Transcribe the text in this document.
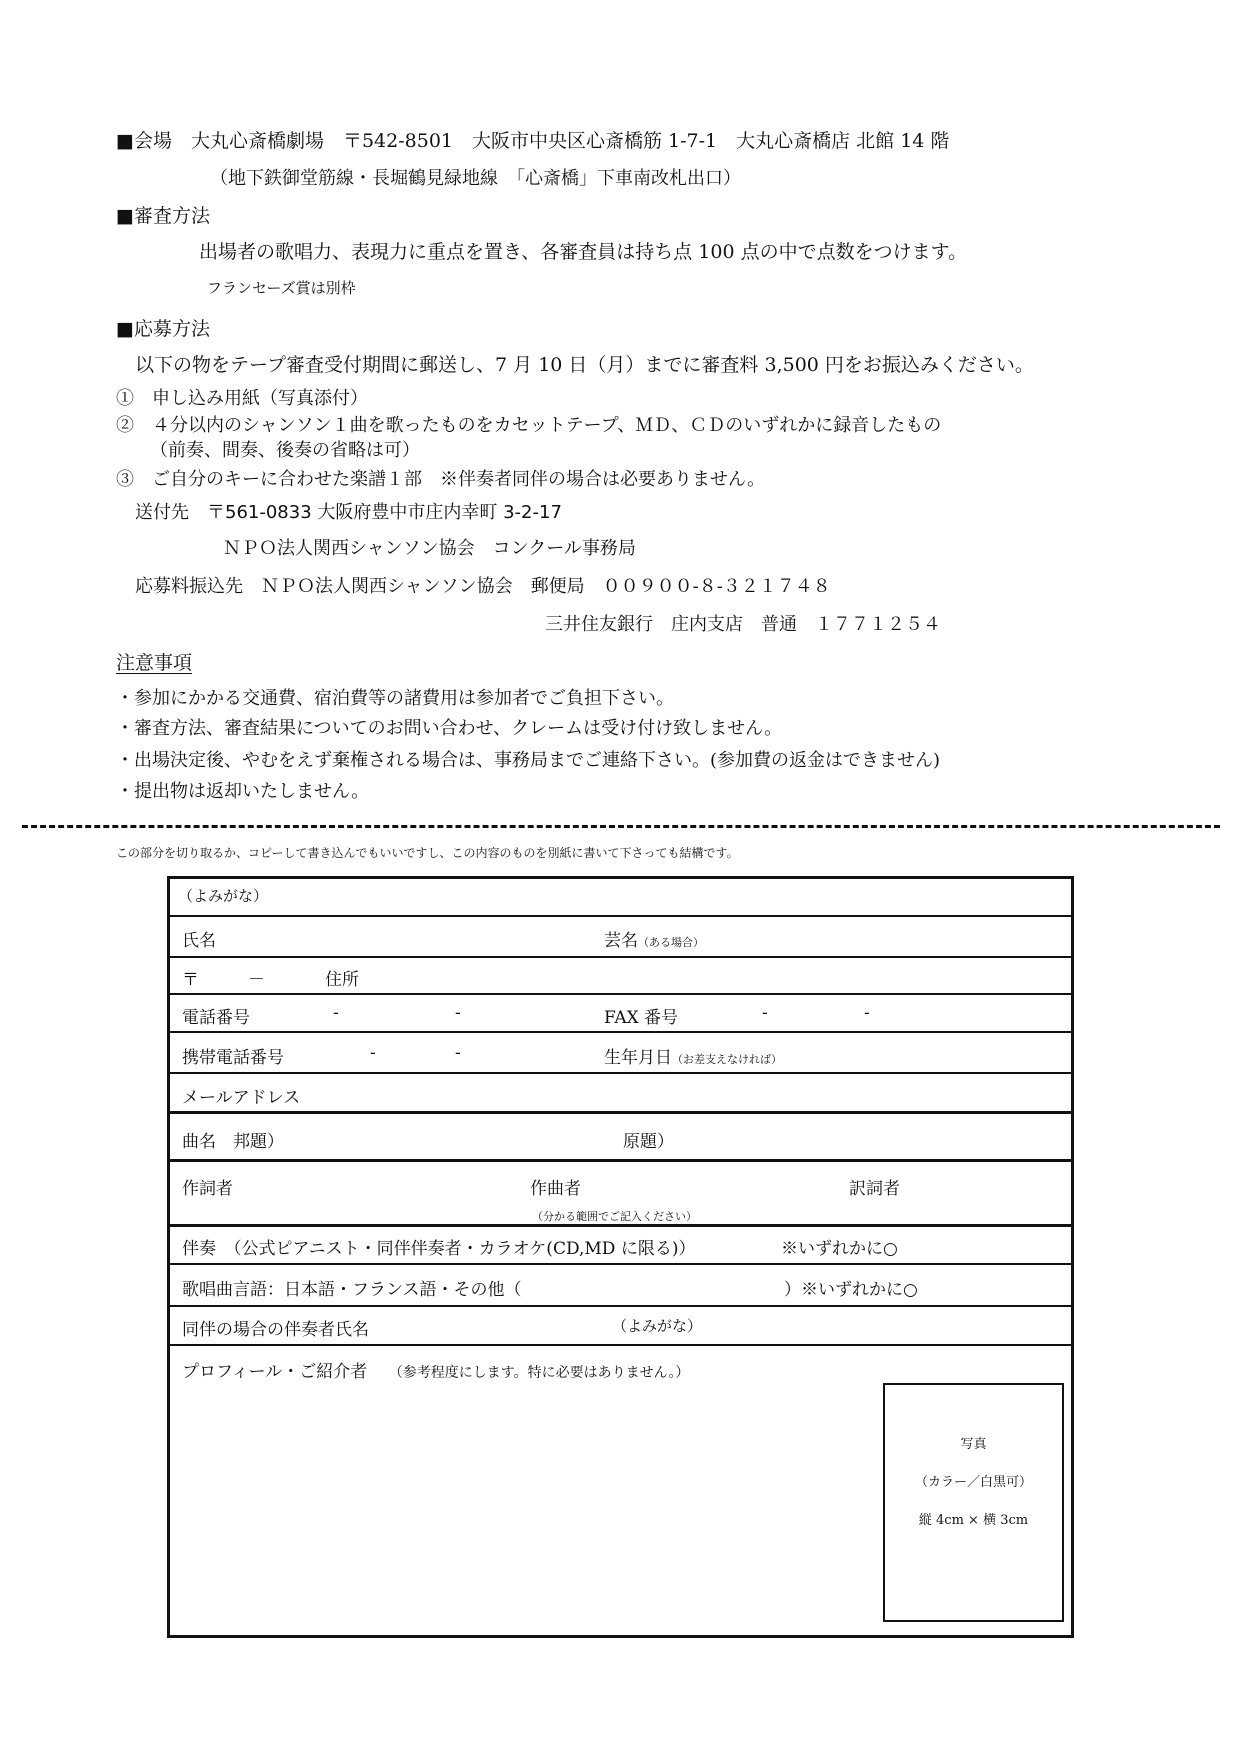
■会場　大丸心斎橋劇場　〒542-8501　大阪市中央区心斎橋筋 1-7-1　大丸心斎橋店 北館 14 階
（地下鉄御堂筋線・長堀鶴見緑地線　「心斎橋」下車南改札出口）
■審査方法
出場者の歌唱力、表現力に重点を置き、各審査員は持ち点 100 点の中で点数をつけます。
フランセーズ賞は別枠
■応募方法
以下の物をテープ審査受付期間に郵送し、7 月 10 日（月）までに審査料 3,500 円をお振込みください。
①　申し込み用紙（写真添付）
②　４分以内のシャンソン１曲を歌ったものをカセットテープ、ＭＤ、ＣＤのいずれかに録音したもの
（前奏、間奏、後奏の省略は可）
③　ご自分のキーに合わせた楽譜１部　※伴奏者同伴の場合は必要ありません。
送付先　〒561-0833 大阪府豊中市庄内幸町 3-2-17
ＮＰＯ法人関西シャンソン協会　コンクール事務局
応募料振込先　ＮＰＯ法人関西シャンソン協会　郵便局　００９００-８-３２１７４８
三井住友銀行　庄内支店　普通　１７７１２５４
注意事項
・参加にかかる交通費、宿泊費等の諸費用は参加者でご負担下さい。
・審査方法、審査結果についてのお問い合わせ、クレームは受け付け致しません。
・出場決定後、やむをえず棄権される場合は、事務局までご連絡下さい。(参加費の返金はできません)
・提出物は返却いたしません。
この部分を切り取るか、コピーして書き込んでもいいですし、この内容のものを別紙に書いて下さっても結構です。
（よみがな）
氏名	芸名（ある場合）
〒	－	住所
電話番号	-	-	FAX 番号	-	-
携帯電話番号	-	-	生年月日（お差支えなければ）
メールアドレス
曲名　邦題）	原題）
作詞者	作曲者	訳詞者
（分かる範囲でご記入ください）
伴奏　（公式ピアニスト・同伴伴奏者・カラオケ(CD,MD に限る)）	※いずれかに○
歌唱曲言語：日本語・フランス語・その他（	）※いずれかに○
同伴の場合の伴奏者氏名	（よみがな）
プロフィール・ご紹介者 （参考程度にします。特に必要はありません。）
写真
（カラー／白黒可）
縦 4cm × 横 3cm
